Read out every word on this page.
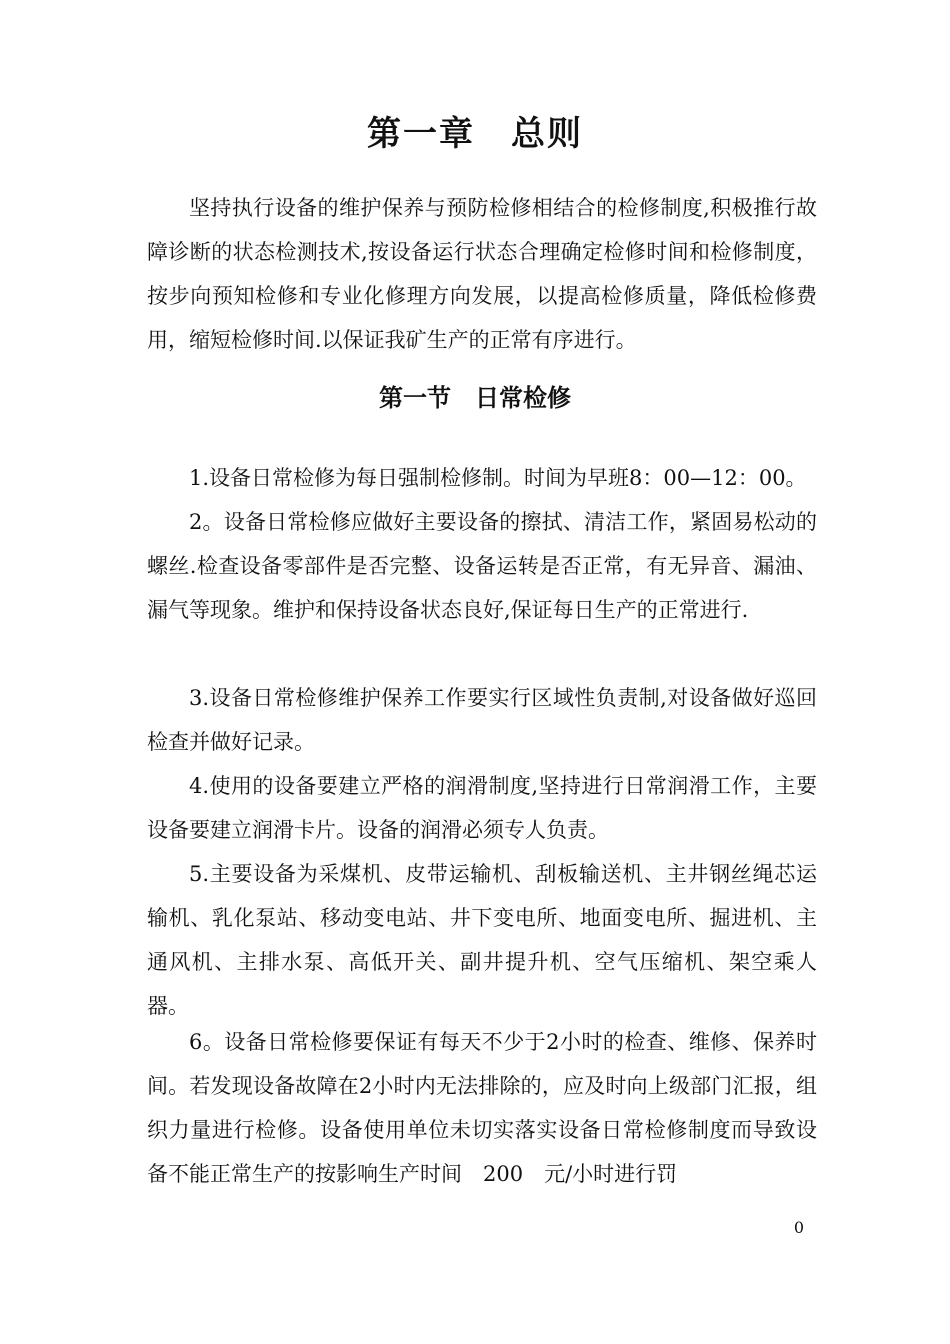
第一章　总则

坚持执行设备的维护保养与预防检修相结合的检修制度,积极推行故障诊断的状态检测技术,按设备运行状态合理确定检修时间和检修制度，按步向预知检修和专业化修理方向发展，以提高检修质量，降低检修费用，缩短检修时间.以保证我矿生产的正常有序进行。

第一节　日常检修

1.设备日常检修为每日强制检修制。时间为早班8：00—12：00。

2。设备日常检修应做好主要设备的擦拭、清洁工作，紧固易松动的螺丝.检查设备零部件是否完整、设备运转是否正常，有无异音、漏油、漏气等现象。维护和保持设备状态良好,保证每日生产的正常进行.

3.设备日常检修维护保养工作要实行区域性负责制,对设备做好巡回检查并做好记录。

4.使用的设备要建立严格的润滑制度,坚持进行日常润滑工作，主要设备要建立润滑卡片。设备的润滑必须专人负责。

5.主要设备为采煤机、皮带运输机、刮板输送机、主井钢丝绳芯运输机、乳化泵站、移动变电站、井下变电所、地面变电所、掘进机、主通风机、主排水泵、高低开关、副井提升机、空气压缩机、架空乘人器。

6。设备日常检修要保证有每天不少于2小时的检查、维修、保养时间。若发现设备故障在2小时内无法排除的，应及时向上级部门汇报，组织力量进行检修。设备使用单位未切实落实设备日常检修制度而导致设备不能正常生产的按影响生产时间　200　元/小时进行罚

0
